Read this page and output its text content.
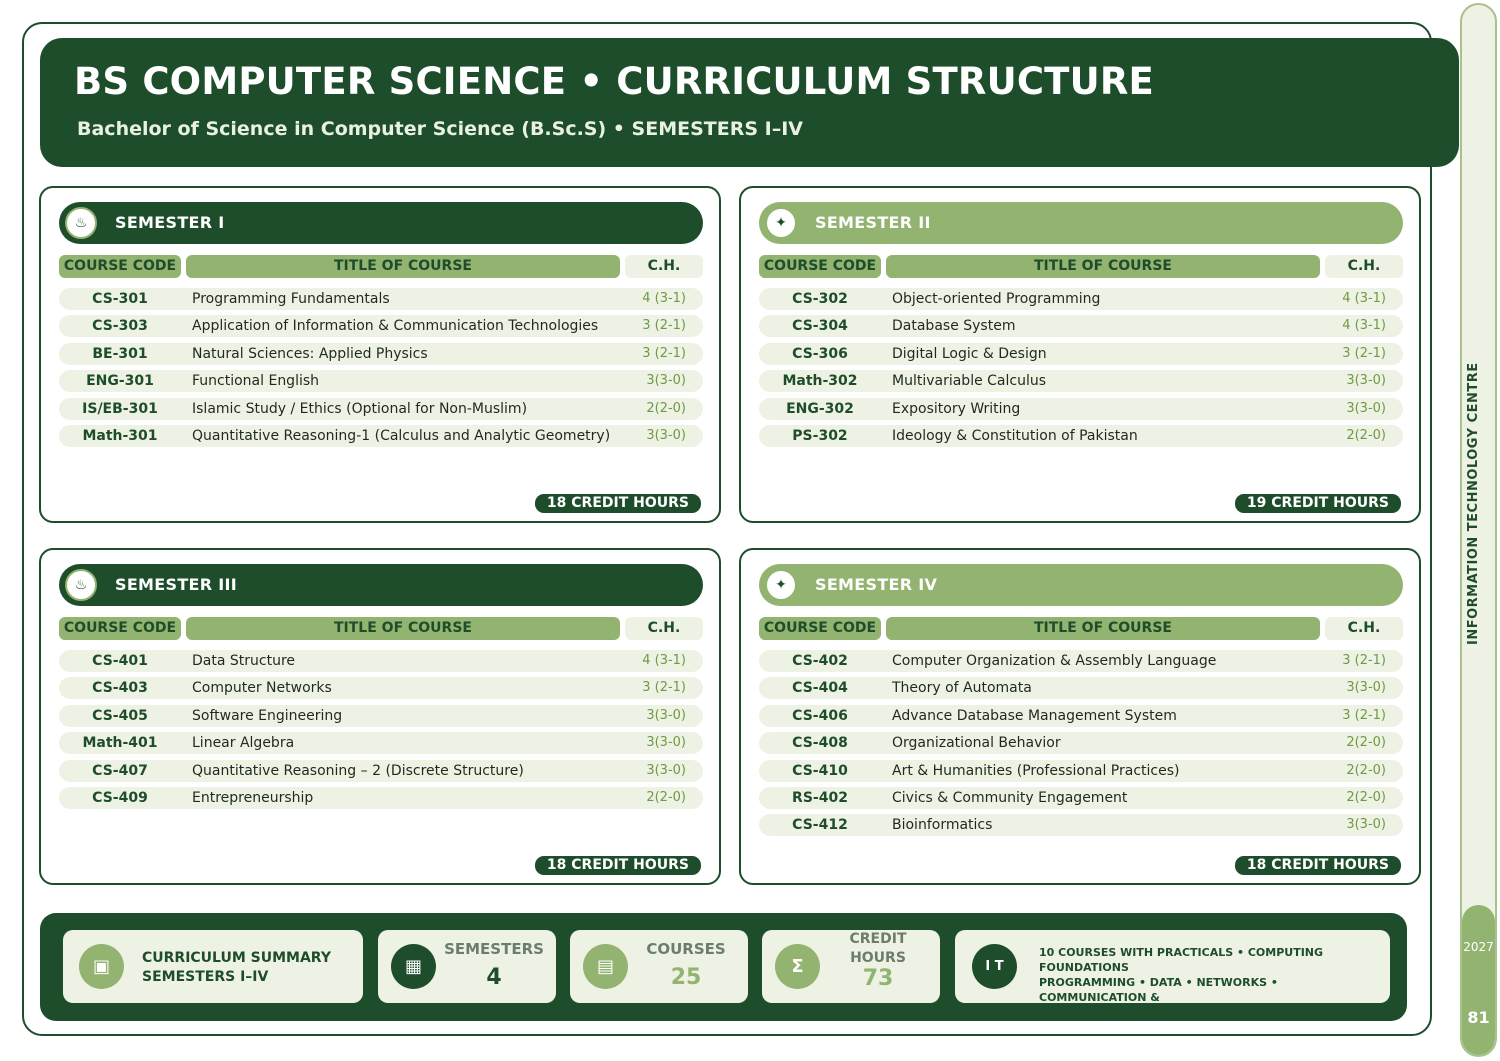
BS COMPUTER SCIENCE • CURRICULUM STRUCTURE
Bachelor of Science in Computer Science (B.Sc.S) • SEMESTERS I–IV
INFORMATION TECHNOLOGY CENTRE
2027
81
♨	SEMESTER I
COURSE CODE	TITLE OF COURSE	C.H.
CS-301	Programming Fundamentals	4 (3-1)
CS-303	Application of Information & Communication Technologies	3 (2-1)
BE-301	Natural Sciences: Applied Physics	3 (2-1)
ENG-301	Functional English	3(3-0)
IS/EB-301	Islamic Study / Ethics (Optional for Non-Muslim)	2(2-0)
Math-301	Quantitative Reasoning-1 (Calculus and Analytic Geometry)	3(3-0)
18 CREDIT HOURS
✦	SEMESTER II
COURSE CODE	TITLE OF COURSE	C.H.
CS-302	Object-oriented Programming	4 (3-1)
CS-304	Database System	4 (3-1)
CS-306	Digital Logic & Design	3 (2-1)
Math-302	Multivariable Calculus	3(3-0)
ENG-302	Expository Writing	3(3-0)
PS-302	Ideology & Constitution of Pakistan	2(2-0)
19 CREDIT HOURS
♨	SEMESTER III
COURSE CODE	TITLE OF COURSE	C.H.
CS-401	Data Structure	4 (3-1)
CS-403	Computer Networks	3 (2-1)
CS-405	Software Engineering	3(3-0)
Math-401	Linear Algebra	3(3-0)
CS-407	Quantitative Reasoning – 2 (Discrete Structure)	3(3-0)
CS-409	Entrepreneurship	2(2-0)
18 CREDIT HOURS
✦	SEMESTER IV
COURSE CODE	TITLE OF COURSE	C.H.
CS-402	Computer Organization & Assembly Language	3 (2-1)
CS-404	Theory of Automata	3(3-0)
CS-406	Advance Database Management System	3 (2-1)
CS-408	Organizational Behavior	2(2-0)
CS-410	Art & Humanities (Professional Practices)	2(2-0)
RS-402	Civics & Community Engagement	2(2-0)
CS-412	Bioinformatics	3(3-0)
18 CREDIT HOURS
▣	CURRICULUM SUMMARY
SEMESTERS I–IV	▦
SEMESTERS
4	▤
COURSES
25	Σ
CREDIT
HOURS
73	I T
10 COURSES WITH PRACTICALS • COMPUTING FOUNDATIONS
PROGRAMMING • DATA • NETWORKS • COMMUNICATION &
QUANTITATIVE SKILLS
